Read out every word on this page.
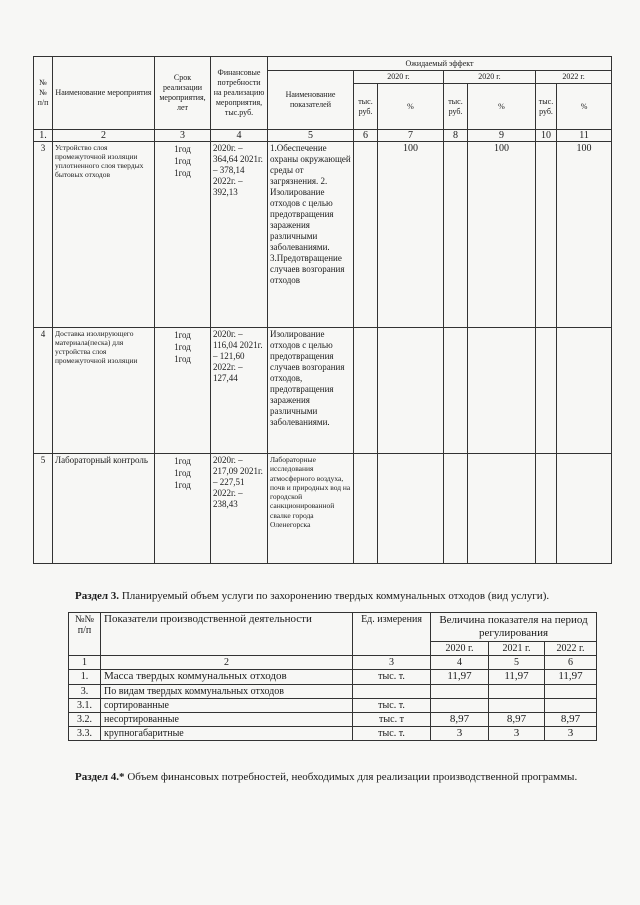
№№ п/п	Наименование мероприятия	Срок реализации мероприятия, лет	Финансовые потребности на реализацию мероприятия, тыс.руб.	Ожидаемый эффект						
				Наименование показателей	2020 г.		2020 г.		2022 г.	
					тыс. руб.	%	тыс. руб.	%	тыс. руб.	%
1.	2	3	4	5	6	7	8	9	10	11
3	Устройство слоя промежуточной изоляции уплотненного слоя твердых бытовых отходов	1год
1год
1год	2020г. – 364,64 2021г. – 378,14 2022г. – 392,13	1.Обеспечение охраны окружающей среды от загрязнения. 2. Изолирование отходов с целью предотвращения заражения различными заболеваниями. 3.Предотвращение случаев возгорания отходов		100		100		100
4	Доставка изолирующего материала(песка) для устройства слоя промежуточной изоляции	1год
1год
1год	2020г. – 116,04 2021г. – 121,60 2022г. – 127,44	Изолирование отходов с целью предотвращения случаев возгорания отходов, предотвращения заражения различными заболеваниями.						
5	Лабораторный контроль	1год
1год
1год	2020г. – 217,09 2021г. – 227,51 2022г. – 238,43	Лабораторные исследования атмосферного воздуха, почв и природных вод на городской санкционированной свалке города Оленегорска						
Раздел 3. Планируемый объем услуги по захоронению твердых коммунальных отходов (вид услуги).
№№ п/п	Показатели производственной деятельности	Ед. измерения	Величина показателя на период регулирования		
			2020 г.	2021 г.	2022 г.
1	2	3	4	5	6
1.	Масса твердых коммунальных отходов	тыс. т.	11,97	11,97	11,97
3.	По видам твердых коммунальных отходов				
3.1.	сортированные	тыс. т.			
3.2.	несортированные	тыс. т	8,97	8,97	8,97
3.3.	крупногабаритные	тыс. т.	3	3	3
Раздел 4.* Объем финансовых потребностей, необходимых для реализации производственной программы.
